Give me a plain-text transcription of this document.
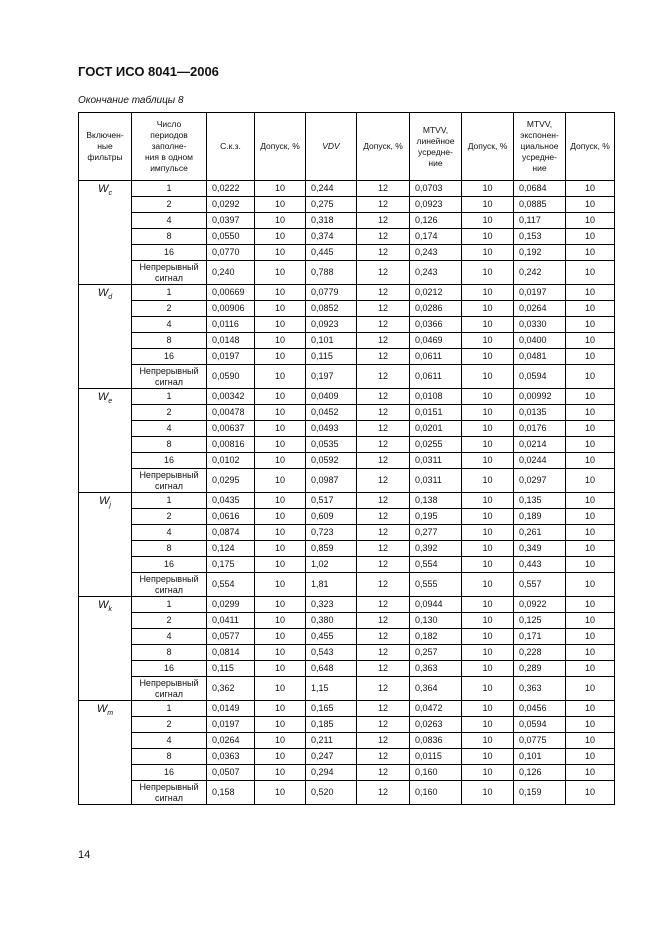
ГОСТ ИСО 8041—2006
Окончание таблицы 8
Включен-
ные
фильтры	Число
периодов
заполне-
ния в одном
импульсе	С.к.з.	Допуск, %	VDV	Допуск, %	MTVV,
линейное
усредне-
ние	Допуск, %	MTVV,
экспонен-
циальное
усредне-
ние	Допуск, %
$W_c$	1	0,0222	10	0,244	12	0,0703	10	0,0684	10
	2	0,0292	10	0,275	12	0,0923	10	0,0885	10
	4	0,0397	10	0,318	12	0,126	10	0,117	10
	8	0,0550	10	0,374	12	0,174	10	0,153	10
	16	0,0770	10	0,445	12	0,243	10	0,192	10
	Непрерывный
сигнал	0,240	10	0,788	12	0,243	10	0,242	10
$W_d$	1	0,00669	10	0,0779	12	0,0212	10	0,0197	10
	2	0,00906	10	0,0852	12	0,0286	10	0,0264	10
	4	0,0116	10	0,0923	12	0,0366	10	0,0330	10
	8	0,0148	10	0,101	12	0,0469	10	0,0400	10
	16	0,0197	10	0,115	12	0,0611	10	0,0481	10
	Непрерывный
сигнал	0,0590	10	0,197	12	0,0611	10	0,0594	10
$W_e$	1	0,00342	10	0,0409	12	0,0108	10	0,00992	10
	2	0,00478	10	0,0452	12	0,0151	10	0,0135	10
	4	0,00637	10	0,0493	12	0,0201	10	0,0176	10
	8	0,00816	10	0,0535	12	0,0255	10	0,0214	10
	16	0,0102	10	0,0592	12	0,0311	10	0,0244	10
	Непрерывный
сигнал	0,0295	10	0,0987	12	0,0311	10	0,0297	10
$W_j$	1	0,0435	10	0,517	12	0,138	10	0,135	10
	2	0,0616	10	0,609	12	0,195	10	0,189	10
	4	0,0874	10	0,723	12	0,277	10	0,261	10
	8	0,124	10	0,859	12	0,392	10	0,349	10
	16	0,175	10	1,02	12	0,554	10	0,443	10
	Непрерывный
сигнал	0,554	10	1,81	12	0,555	10	0,557	10
$W_k$	1	0,0299	10	0,323	12	0,0944	10	0,0922	10
	2	0,0411	10	0,380	12	0,130	10	0,125	10
	4	0,0577	10	0,455	12	0,182	10	0,171	10
	8	0,0814	10	0,543	12	0,257	10	0,228	10
	16	0,115	10	0,648	12	0,363	10	0,289	10
	Непрерывный
сигнал	0,362	10	1,15	12	0,364	10	0,363	10
$W_m$	1	0,0149	10	0,165	12	0,0472	10	0,0456	10
	2	0,0197	10	0,185	12	0,0263	10	0,0594	10
	4	0,0264	10	0,211	12	0,0836	10	0,0775	10
	8	0,0363	10	0,247	12	0,0115	10	0,101	10
	16	0,0507	10	0,294	12	0,160	10	0,126	10
	Непрерывный
сигнал	0,158	10	0,520	12	0,160	10	0,159	10
14
